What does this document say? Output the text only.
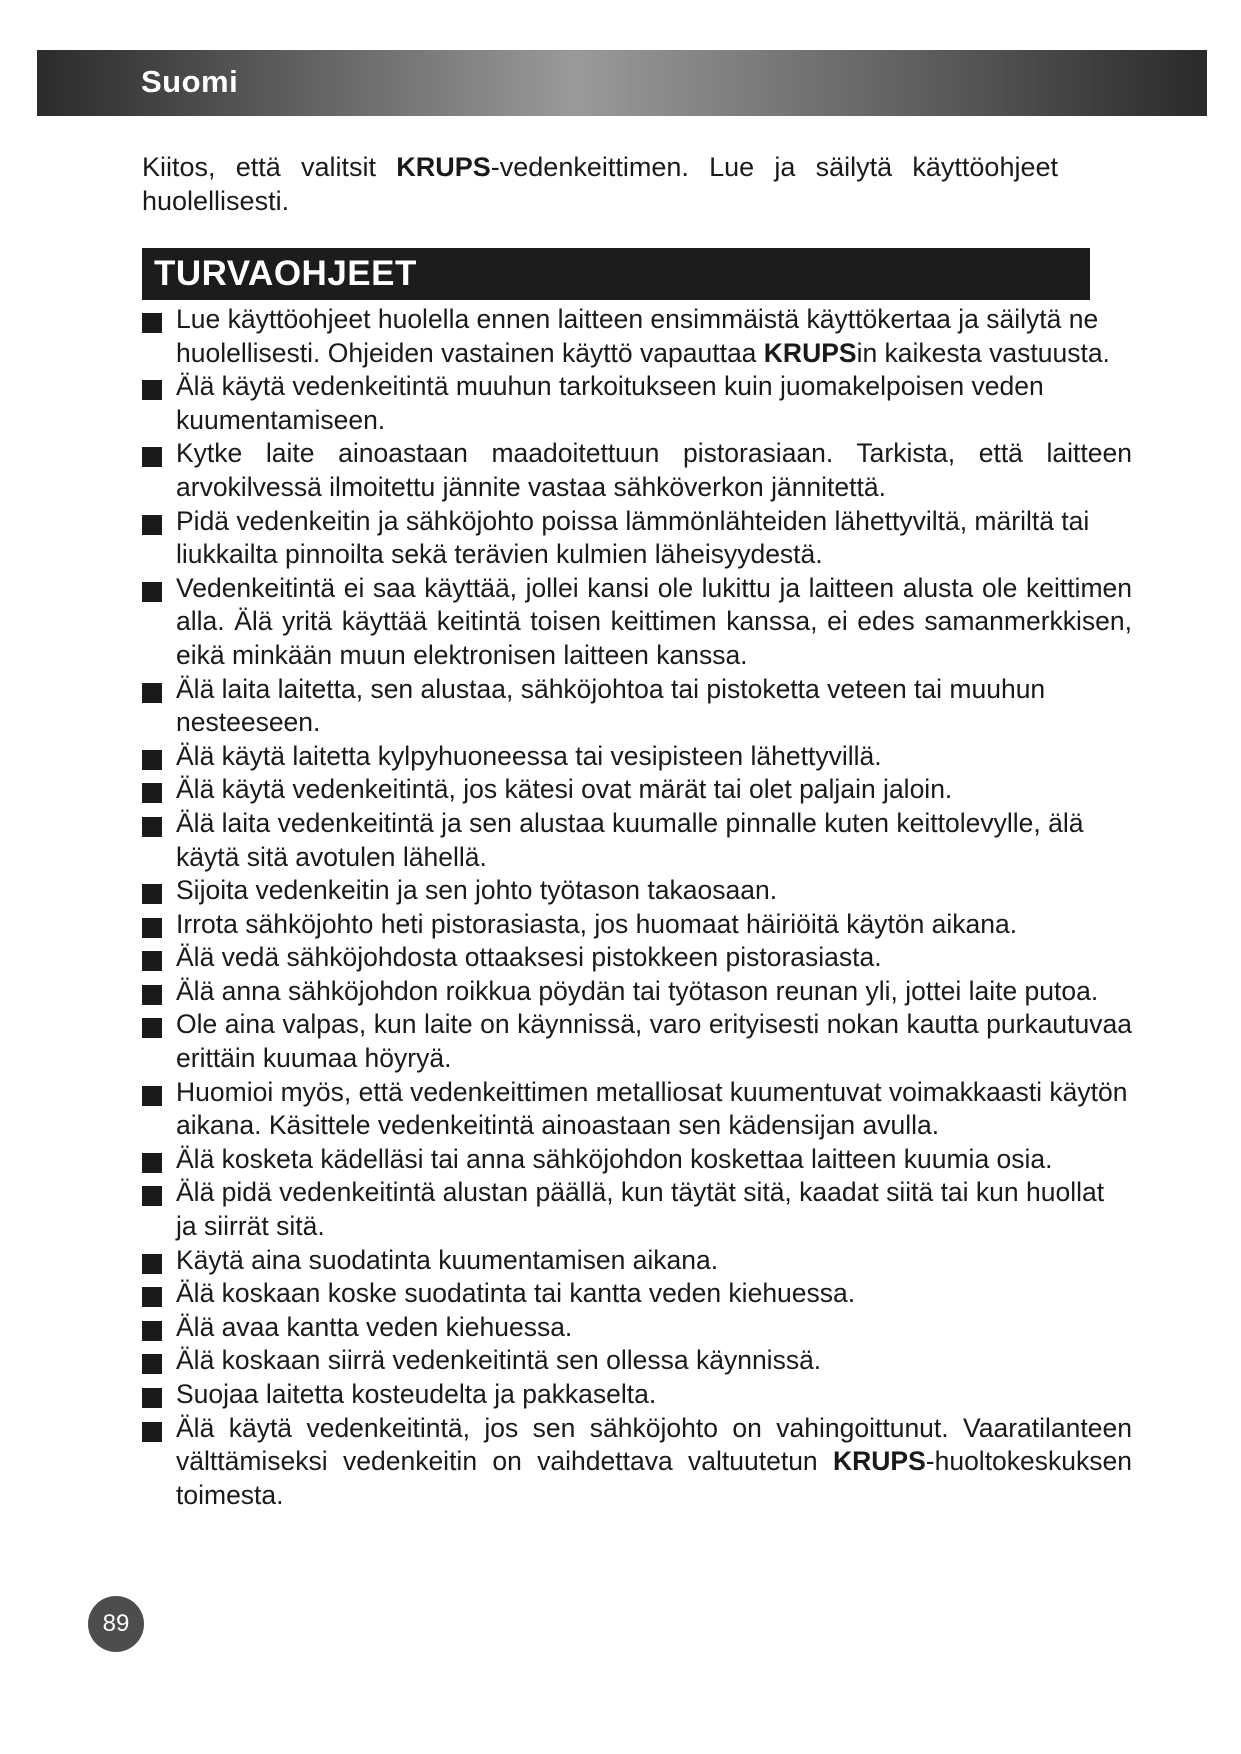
Suomi

Kiitos, että valitsit KRUPS-vedenkeittimen. Lue ja säilytä käyttöohjeet huolellisesti.

TURVAOHJEET
Lue käyttöohjeet huolella ennen laitteen ensimmäistä käyttökertaa ja säilytä ne huolellisesti. Ohjeiden vastainen käyttö vapauttaa KRUPSin kaikesta vastuusta.
Älä käytä vedenkeitintä muuhun tarkoitukseen kuin juomakelpoisen veden kuumentamiseen.
Kytke laite ainoastaan maadoitettuun pistorasiaan. Tarkista, että laitteen arvokilvessä ilmoitettu jännite vastaa sähköverkon jännitettä.
Pidä vedenkeitin ja sähköjohto poissa lämmönlähteiden lähettyviltä, märiltä tai liukkailta pinnoilta sekä terävien kulmien läheisyydestä.
Vedenkeitintä ei saa käyttää, jollei kansi ole lukittu ja laitteen alusta ole keittimen alla. Älä yritä käyttää keitintä toisen keittimen kanssa, ei edes samanmerkkisen, eikä minkään muun elektronisen laitteen kanssa.
Älä laita laitetta, sen alustaa, sähköjohtoa tai pistoketta veteen tai muuhun nesteeseen.
Älä käytä laitetta kylpyhuoneessa tai vesipisteen lähettyvillä.
Älä käytä vedenkeitintä, jos kätesi ovat märät tai olet paljain jaloin.
Älä laita vedenkeitintä ja sen alustaa kuumalle pinnalle kuten keittolevylle, älä käytä sitä avotulen lähellä.
Sijoita vedenkeitin ja sen johto työtason takaosaan.
Irrota sähköjohto heti pistorasiasta, jos huomaat häiriöitä käytön aikana.
Älä vedä sähköjohdosta ottaaksesi pistokkeen pistorasiasta.
Älä anna sähköjohdon roikkua pöydän tai työtason reunan yli, jottei laite putoa.
Ole aina valpas, kun laite on käynnissä, varo erityisesti nokan kautta purkautuvaa erittäin kuumaa höyryä.
Huomioi myös, että vedenkeittimen metalliosat kuumentuvat voimakkaasti käytön aikana. Käsittele vedenkeitintä ainoastaan sen kädensijan avulla.
Älä kosketa kädelläsi tai anna sähköjohdon koskettaa laitteen kuumia osia.
Älä pidä vedenkeitintä alustan päällä, kun täytät sitä, kaadat siitä tai kun huollat ja siirrät sitä.
Käytä aina suodatinta kuumentamisen aikana.
Älä koskaan koske suodatinta tai kantta veden kiehuessa.
Älä avaa kantta veden kiehuessa.
Älä koskaan siirrä vedenkeitintä sen ollessa käynnissä.
Suojaa laitetta kosteudelta ja pakkaselta.
Älä käytä vedenkeitintä, jos sen sähköjohto on vahingoittunut. Vaaratilanteen välttämiseksi vedenkeitin on vaihdettava valtuutetun KRUPS-huoltokeskuksen toimesta.
89
